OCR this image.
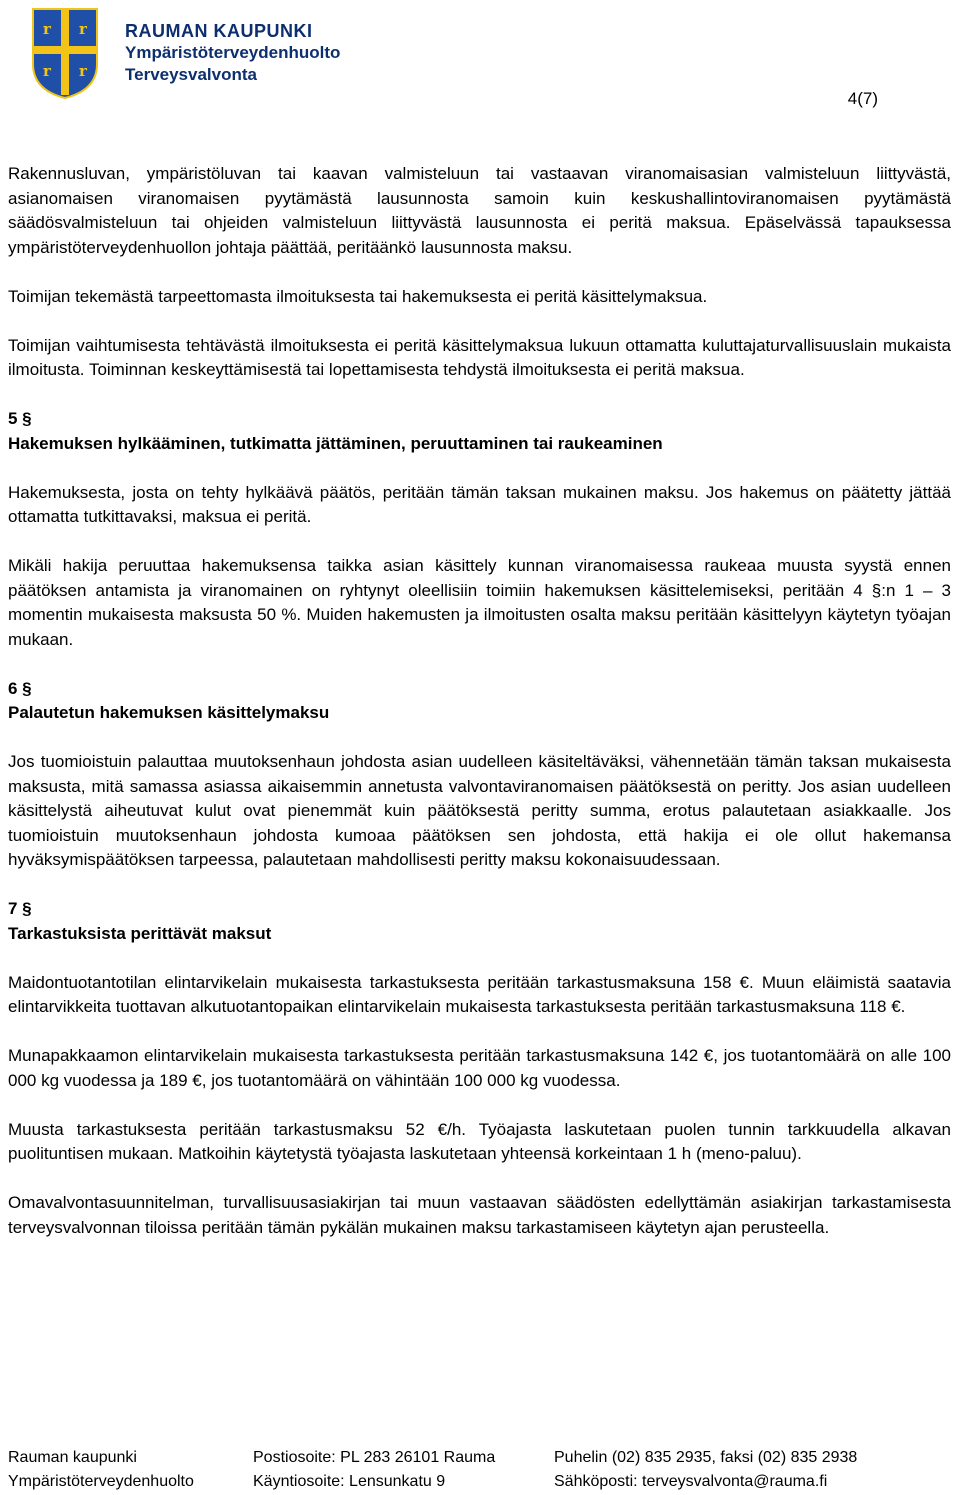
r r
r r
RAUMAN KAUPUNKI
Ympäristöterveydenhuolto
Terveysvalvonta
4(7)

Rakennusluvan, ympäristöluvan tai kaavan valmisteluun tai vastaavan viranomaisasian valmisteluun liittyvästä, asianomaisen viranomaisen pyytämästä lausunnosta samoin kuin keskushallintoviranomaisen pyytämästä säädösvalmisteluun tai ohjeiden valmisteluun liittyvästä lausunnosta ei peritä maksua. Epäselvässä tapauksessa ympäristöterveydenhuollon johtaja päättää, peritäänkö lausunnosta maksu.

Toimijan tekemästä tarpeettomasta ilmoituksesta tai hakemuksesta ei peritä käsittelymaksua.

Toimijan vaihtumisesta tehtävästä ilmoituksesta ei peritä käsittelymaksua lukuun ottamatta kuluttajaturvallisuuslain mukaista ilmoitusta. Toiminnan keskeyttämisestä tai lopettamisesta tehdystä ilmoituksesta ei peritä maksua.

5 §
Hakemuksen hylkääminen, tutkimatta jättäminen, peruuttaminen tai raukeaminen

Hakemuksesta, josta on tehty hylkäävä päätös, peritään tämän taksan mukainen maksu. Jos hakemus on päätetty jättää ottamatta tutkittavaksi, maksua ei peritä.

Mikäli hakija peruuttaa hakemuksensa taikka asian käsittely kunnan viranomaisessa raukeaa muusta syystä ennen päätöksen antamista ja viranomainen on ryhtynyt oleellisiin toimiin hakemuksen käsittelemiseksi, peritään 4 §:n 1 – 3 momentin mukaisesta maksusta 50 %. Muiden hakemusten ja ilmoitusten osalta maksu peritään käsittelyyn käytetyn työajan mukaan.

6 §
Palautetun hakemuksen käsittelymaksu

Jos tuomioistuin palauttaa muutoksenhaun johdosta asian uudelleen käsiteltäväksi, vähennetään tämän taksan mukaisesta maksusta, mitä samassa asiassa aikaisemmin annetusta valvontaviranomaisen päätöksestä on peritty. Jos asian uudelleen käsittelystä aiheutuvat kulut ovat pienemmät kuin päätöksestä peritty summa, erotus palautetaan asiakkaalle. Jos tuomioistuin muutoksenhaun johdosta kumoaa päätöksen sen johdosta, että hakija ei ole ollut hakemansa hyväksymispäätöksen tarpeessa, palautetaan mahdollisesti peritty maksu kokonaisuudessaan.

7 §
Tarkastuksista perittävät maksut

Maidontuotantotilan elintarvikelain mukaisesta tarkastuksesta peritään tarkastusmaksuna 158 €. Muun eläimistä saatavia elintarvikkeita tuottavan alkutuotantopaikan elintarvikelain mukaisesta tarkastuksesta peritään tarkastusmaksuna 118 €.

Munapakkaamon elintarvikelain mukaisesta tarkastuksesta peritään tarkastusmaksuna 142 €, jos tuotantomäärä on alle 100 000 kg vuodessa ja 189 €, jos tuotantomäärä on vähintään 100 000 kg vuodessa.

Muusta tarkastuksesta peritään tarkastusmaksu 52 €/h. Työajasta laskutetaan puolen tunnin tarkkuudella alkavan puolituntisen mukaan. Matkoihin käytetystä työajasta laskutetaan yhteensä korkeintaan 1 h (meno-paluu).

Omavalvontasuunnitelman, turvallisuusasiakirjan tai muun vastaavan säädösten edellyttämän asiakirjan tarkastamisesta terveysvalvonnan tiloissa peritään tämän pykälän mukainen maksu tarkastamiseen käytetyn ajan perusteella.

Rauman kaupunki
Ympäristöterveydenhuolto
Postiosoite: PL 283 26101 Rauma
Käyntiosoite: Lensunkatu 9
Puhelin (02) 835 2935, faksi (02) 835 2938
Sähköposti: terveysvalvonta@rauma.fi
